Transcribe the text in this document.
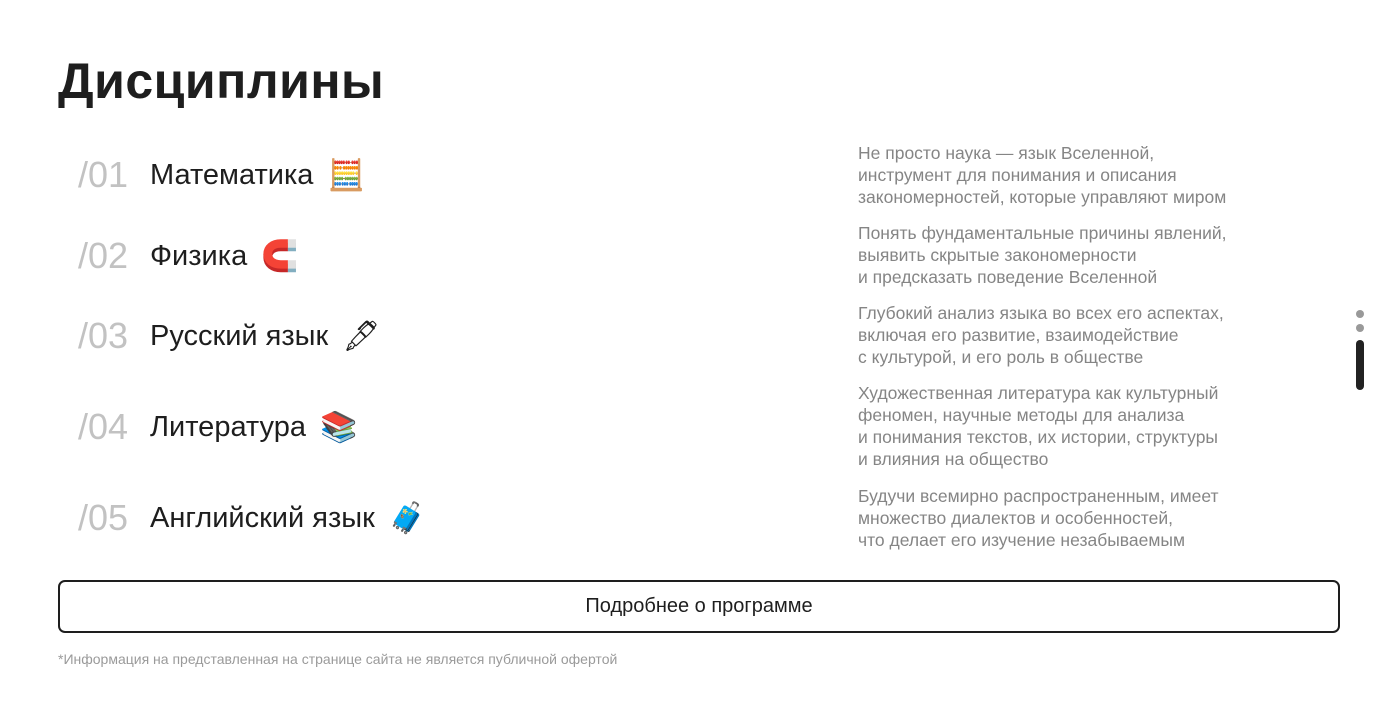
Дисциплины
/01 Математика 🧮
/02 Физика 🧲
/03 Русский язык 🖋
/04 Литература 📚
/05 Английский язык 🧳
Не просто наука — язык Вселенной,
инструмент для понимания и описания
закономерностей, которые управляют миром
Понять фундаментальные причины явлений,
выявить скрытые закономерности
и предсказать поведение Вселенной
Глубокий анализ языка во всех его аспектах,
включая его развитие, взаимодействие
с культурой, и его роль в обществе
Художественная литература как культурный
феномен, научные методы для анализа
и понимания текстов, их истории, структуры
и влияния на общество
Будучи всемирно распространенным, имеет
множество диалектов и особенностей,
что делает его изучение незабываемым
Подробнее о программе
*Информация на представленная на странице сайта не является публичной офертой
